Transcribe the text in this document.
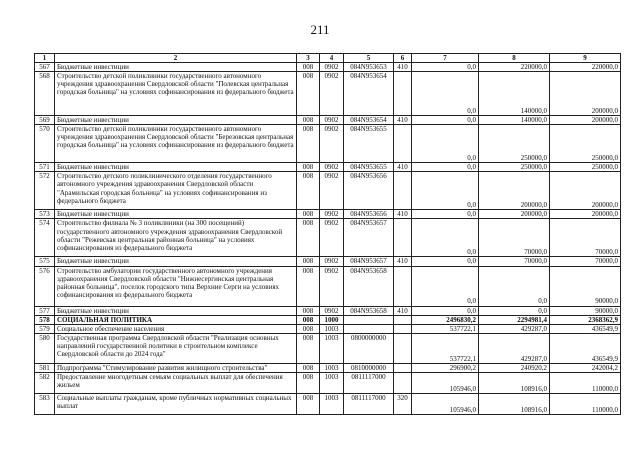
211
1	2	3	4	5	6	7	8	9
567	Бюджетные инвестиции	008	0902	084N953653	410	0,0	220000,0	220000,0
568	Строительство детской поликлиники государственного автономного учреждения здравоохранения Свердловской области "Полевская центральная городская больница" на условиях софинансирования из федерального бюджета	008	0902	084N953654		0,0	140000,0	200000,0
569	Бюджетные инвестиции	008	0902	084N953654	410	0,0	140000,0	200000,0
570	Строительство детской поликлиники государственного автономного учреждения здравоохранения Свердловской области "Березовская центральная городская больница" на условиях софинансирования из федерального бюджета	008	0902	084N953655		0,0	250000,0	250000,0
571	Бюджетные инвестиции	008	0902	084N953655	410	0,0	250000,0	250000,0
572	Строительство детского поликлинического отделения государственного автономного учреждения здравоохранения Свердловской области "Арамильская городская больница" на условиях софинансирования из федерального бюджета	008	0902	084N953656		0,0	200000,0	200000,0
573	Бюджетные инвестиции	008	0902	084N953656	410	0,0	200000,0	200000,0
574	Строительство филиала № 3 поликлиники (на 300 посещений) государственного автономного учреждения здравоохранения Свердловской области "Режевская центральная районная больница" на условиях софинансирования из федерального бюджета	008	0902	084N953657		0,0	70000,0	70000,0
575	Бюджетные инвестиции	008	0902	084N953657	410	0,0	70000,0	70000,0
576	Строительство амбулатории государственного автономного учреждения здравоохранения Свердловской области "Нижнесергинская центральная районная больница", поселок городского типа Верхние Серги на условиях софинансирования из федерального бюджета	008	0902	084N953658		0,0	0,0	90000,0
577	Бюджетные инвестиции	008	0902	084N953658	410	0,0	0,0	90000,0
578	СОЦИАЛЬНАЯ ПОЛИТИКА	008	1000			2496830,2	2294981,4	2368362,9
579	Социальное обеспечение населения	008	1003			537722,1	429287,0	436549,9
580	Государственная программа Свердловской области "Реализация основных направлений государственной политики в строительном комплексе Свердловской области до 2024 года"	008	1003	0800000000		537722,1	429287,0	436549,9
581	Подпрограмма "Стимулирование развития жилищного строительства"	008	1003	0810000000		296900,2	240920,2	242004,2
582	Предоставление многодетным семьям социальных выплат для обеспечения жильем	008	1003	0811117000		105946,0	108916,0	110000,0
583	Социальные выплаты гражданам, кроме публичных нормативных социальных выплат	008	1003	0811117000	320	105946,0	108916,0	110000,0
